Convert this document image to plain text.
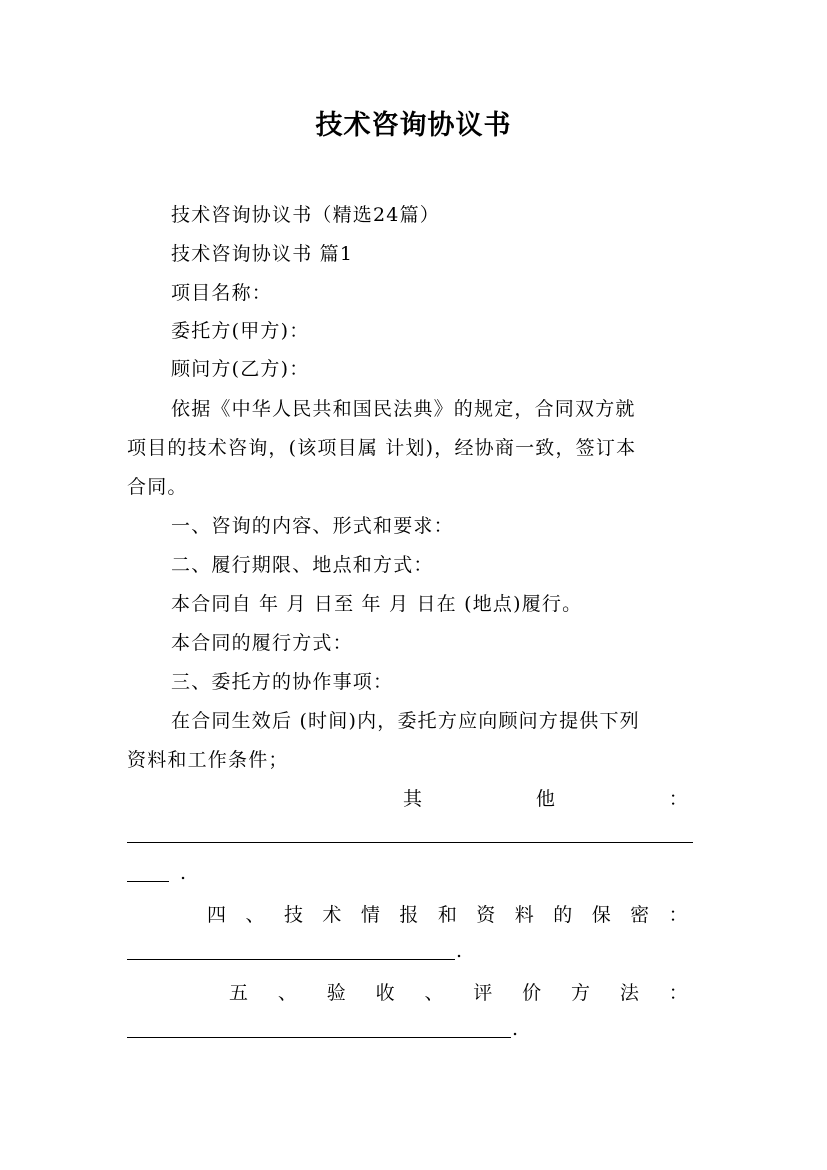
技术咨询协议书
技术咨询协议书（精选24篇）
技术咨询协议书 篇1
项目名称：
委托方(甲方)：
顾问方(乙方)：
依据《中华人民共和国民法典》的规定，合同双方就
项目的技术咨询，(该项目属 计划)，经协商一致，签订本
合同。
一、咨询的内容、形式和要求：
二、履行期限、地点和方式：
本合同自 年 月 日至 年 月 日在 (地点)履行。
本合同的履行方式：
三、委托方的协作事项：
在合同生效后 (时间)内，委托方应向顾问方提供下列
资料和工作条件；
其	他	：
.
四 、 技 术 情 报 和 资 料 的 保 密 ：
.
五 、 验 收 、 评 价 方 法 ：
.
